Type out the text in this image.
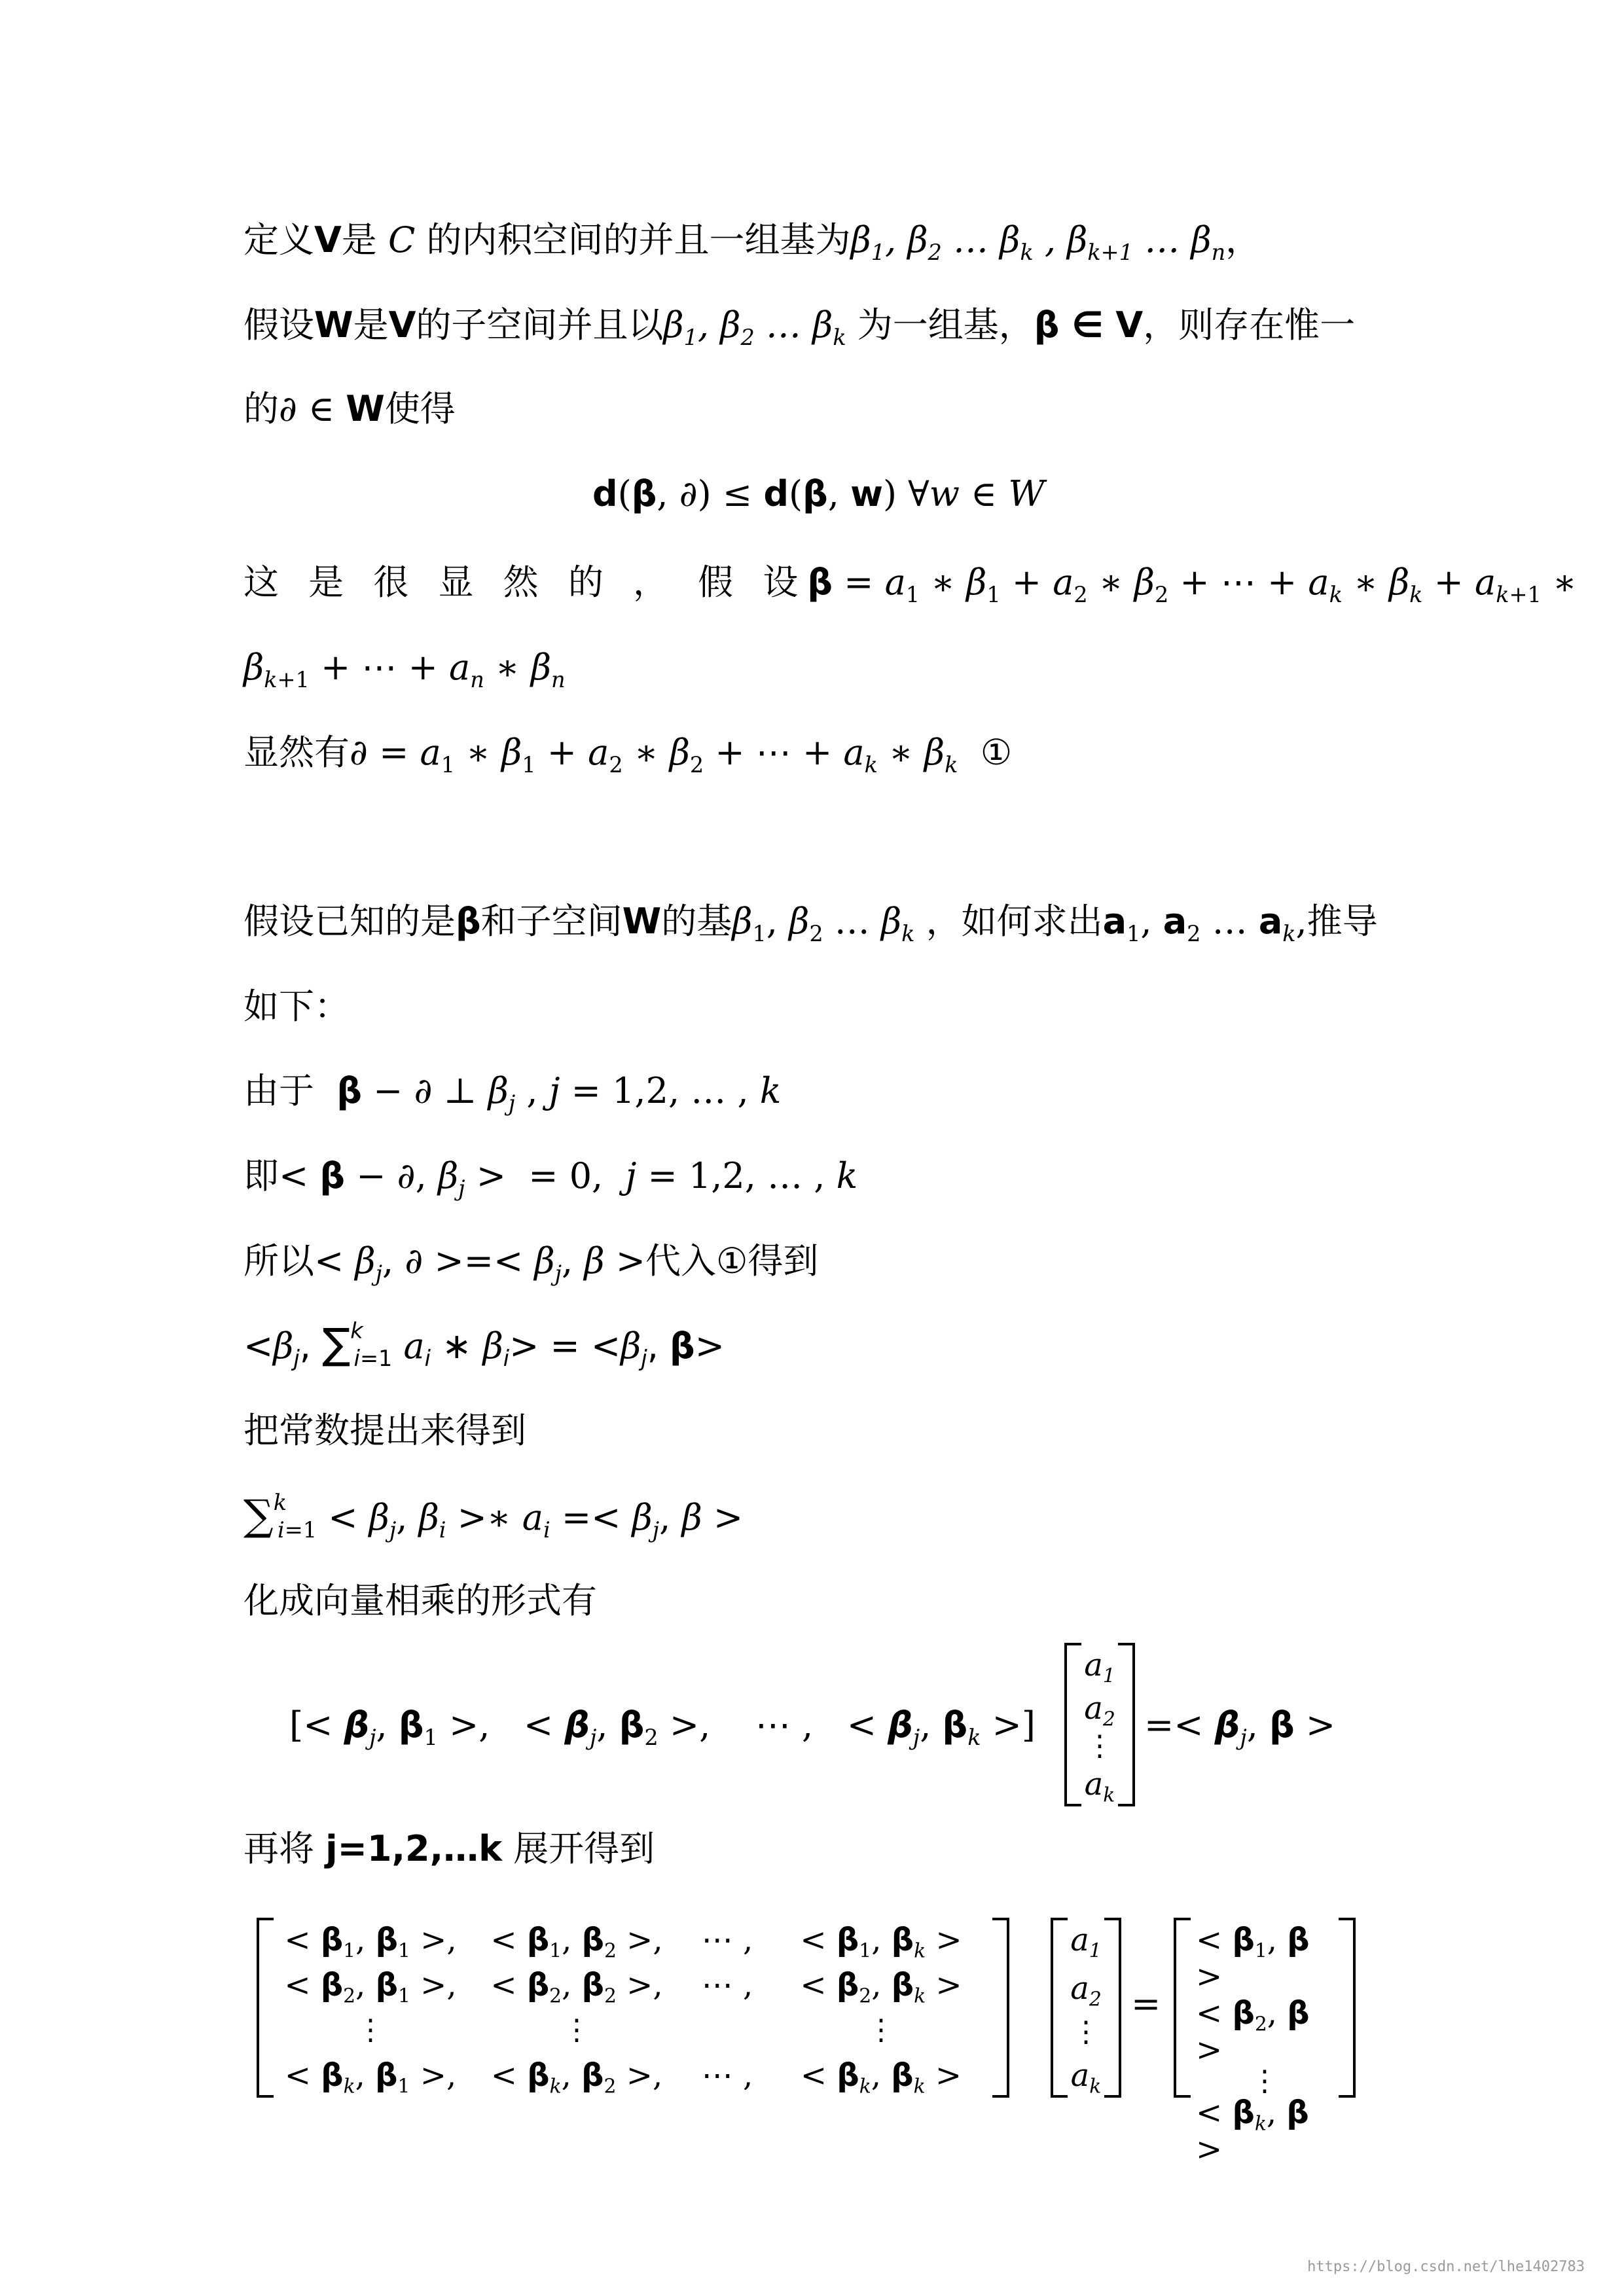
定义V是 C 的内积空间的并且一组基为$\beta_1$, $\beta_2$ … $\beta_k$ , $\beta_{k+1}$ … $\beta_n$，
假设W是V的子空间并且以$\beta_1$, $\beta_2$ … $\beta_k$ 为一组基，β ∈ V，则存在惟一
的∂ ∈ W使得
d(β, ∂) ≤ d(β, w) ∀w ∈ W
这 是 很 显 然 的 ， 假 设$\beta = a_1$ ∗ $\beta_1 + a_2$ ∗ $\beta_2$ + ⋯ + $a_k$ ∗ $\beta_k + a_{k+1}$ ∗
$\beta_{k+1}$ + ⋯ + $a_n$ ∗ $\beta_n$
显然有∂ = $a_1$ ∗ $\beta_1 + a_2$ ∗ $\beta_2$ + ⋯ + $a_k$ ∗ $\beta_k$ ①
假设已知的是β和子空间W的基$\beta_1$, $\beta_2$ … $\beta_k$ ，如何求出$a_1$, $a_2$ … $a_k$,推导
如下：
由于 β − ∂ ⊥ $\beta_j$ , j = 1,2, … , k
即< β − ∂, $\beta_j$ >  = 0,  j = 1,2, … , k
所以< $\beta_j$, ∂ >=< $\beta_j$, β >代入①得到
$<\beta_j$, ∑$^k_{i=1}$ $a_i$ ∗ $\beta_i> = <\beta_j$, β>
把常数提出来得到
$\sum^k_{i=1} < \beta_j$, $\beta_i$ >∗ $a_i =< \beta_j$, β >
化成向量相乘的形式有
[< $\beta_j$, $\beta_1$ >,   < $\beta_j$, $\beta_2$ >,    ⋯ ,   < $\beta_j$, $\beta_k$ >]
$a_1$
$a_2$
⋮
$a_k$
=< $\beta_j$, β >
再将 j=1,2,…k 展开得到
< $\beta_1$, $\beta_1$ >,	< $\beta_1$, $\beta_2$ >,	⋯ ,	< $\beta_1$, $\beta_k$ >
< $\beta_2$, $\beta_1$ >,	< $\beta_2$, $\beta_2$ >,	⋯ ,	< $\beta_2$, $\beta_k$ >
⋮	⋮	⋮
< $\beta_k$, $\beta_1$ >,	< $\beta_k$, $\beta_2$ >,	⋯ ,	< $\beta_k$, $\beta_k$ >
$a_1$
$a_2$
⋮
$a_k$
=
< $\beta_1$, β >
< $\beta_2$, β >
⋮
< $\beta_k$, β >
https://blog.csdn.net/lhe1402783
